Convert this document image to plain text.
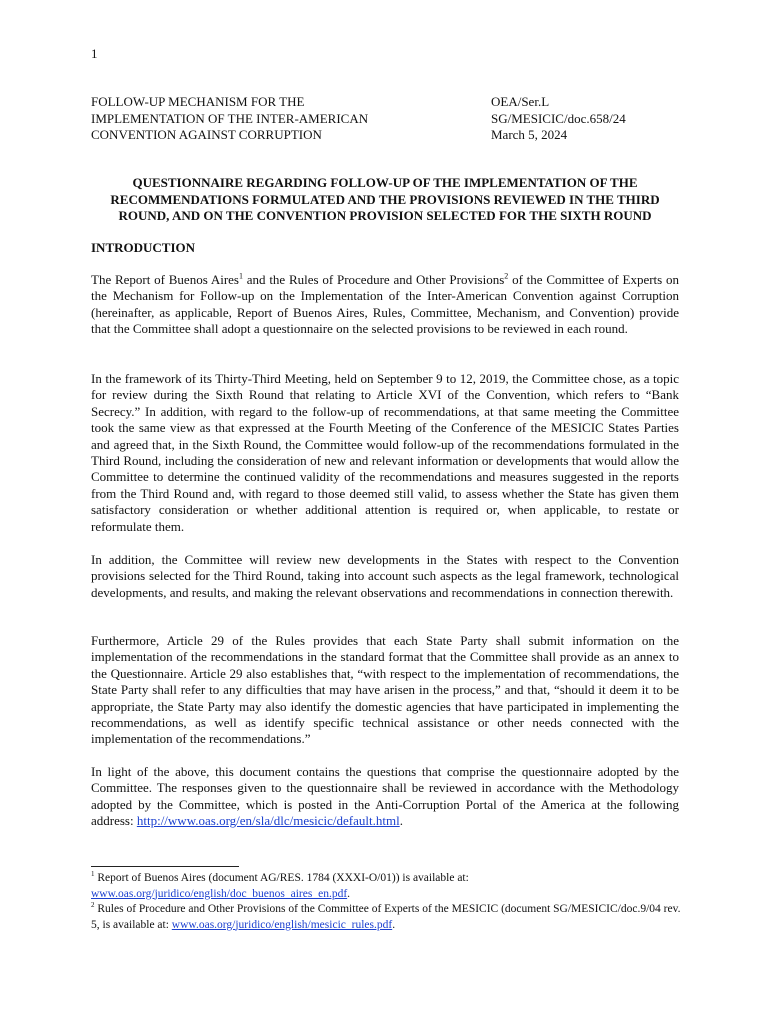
1
FOLLOW-UP MECHANISM FOR THE
IMPLEMENTATION OF THE INTER-AMERICAN
CONVENTION AGAINST CORRUPTION
OEA/Ser.L
SG/MESICIC/doc.658/24
March 5, 2024
QUESTIONNAIRE REGARDING FOLLOW-UP OF THE IMPLEMENTATION OF THE
RECOMMENDATIONS FORMULATED AND THE PROVISIONS REVIEWED IN THE THIRD
ROUND, AND ON THE CONVENTION PROVISION SELECTED FOR THE SIXTH ROUND
INTRODUCTION

The Report of Buenos Aires$^1$ and the Rules of Procedure and Other Provisions$^2$ of the Committee of Experts on the Mechanism for Follow-up on the Implementation of the Inter-American Convention against Corruption (hereinafter, as applicable, Report of Buenos Aires, Rules, Committee, Mechanism, and Convention) provide that the Committee shall adopt a questionnaire on the selected provisions to be reviewed in each round.

In the framework of its Thirty-Third Meeting, held on September 9 to 12, 2019, the Committee chose, as a topic for review during the Sixth Round that relating to Article XVI of the Convention, which refers to “Bank Secrecy.” In addition, with regard to the follow-up of recommendations, at that same meeting the Committee took the same view as that expressed at the Fourth Meeting of the Conference of the MESICIC States Parties and agreed that, in the Sixth Round, the Committee would follow-up of the recommendations formulated in the Third Round, including the consideration of new and relevant information or developments that would allow the Committee to determine the continued validity of the recommendations and measures suggested in the reports from the Third Round and, with regard to those deemed still valid, to assess whether the State has given them satisfactory consideration or whether additional attention is required or, when applicable, to restate or reformulate them.

In addition, the Committee will review new developments in the States with respect to the Convention provisions selected for the Third Round, taking into account such aspects as the legal framework, technological developments, and results, and making the relevant observations and recommendations in connection therewith.

Furthermore, Article 29 of the Rules provides that each State Party shall submit information on the implementation of the recommendations in the standard format that the Committee shall provide as an annex to the Questionnaire. Article 29 also establishes that, “with respect to the implementation of recommendations, the State Party shall refer to any difficulties that may have arisen in the process,” and that, “should it deem it to be appropriate, the State Party may also identify the domestic agencies that have participated in implementing the recommendations, as well as identify specific technical assistance or other needs connected with the implementation of the recommendations.”

In light of the above, this document contains the questions that comprise the questionnaire adopted by the Committee. The responses given to the questionnaire shall be reviewed in accordance with the Methodology adopted by the Committee, which is posted in the Anti-Corruption Portal of the America at the following address: http://www.oas.org/en/sla/dlc/mesicic/default.html.

$^1$ Report of Buenos Aires (document AG/RES. 1784 (XXXI-O/01)) is available at:
www.oas.org/juridico/english/doc_buenos_aires_en.pdf.

$^2$ Rules of Procedure and Other Provisions of the Committee of Experts of the MESICIC (document SG/MESICIC/doc.9/04 rev. 5, is available at: www.oas.org/juridico/english/mesicic_rules.pdf.
